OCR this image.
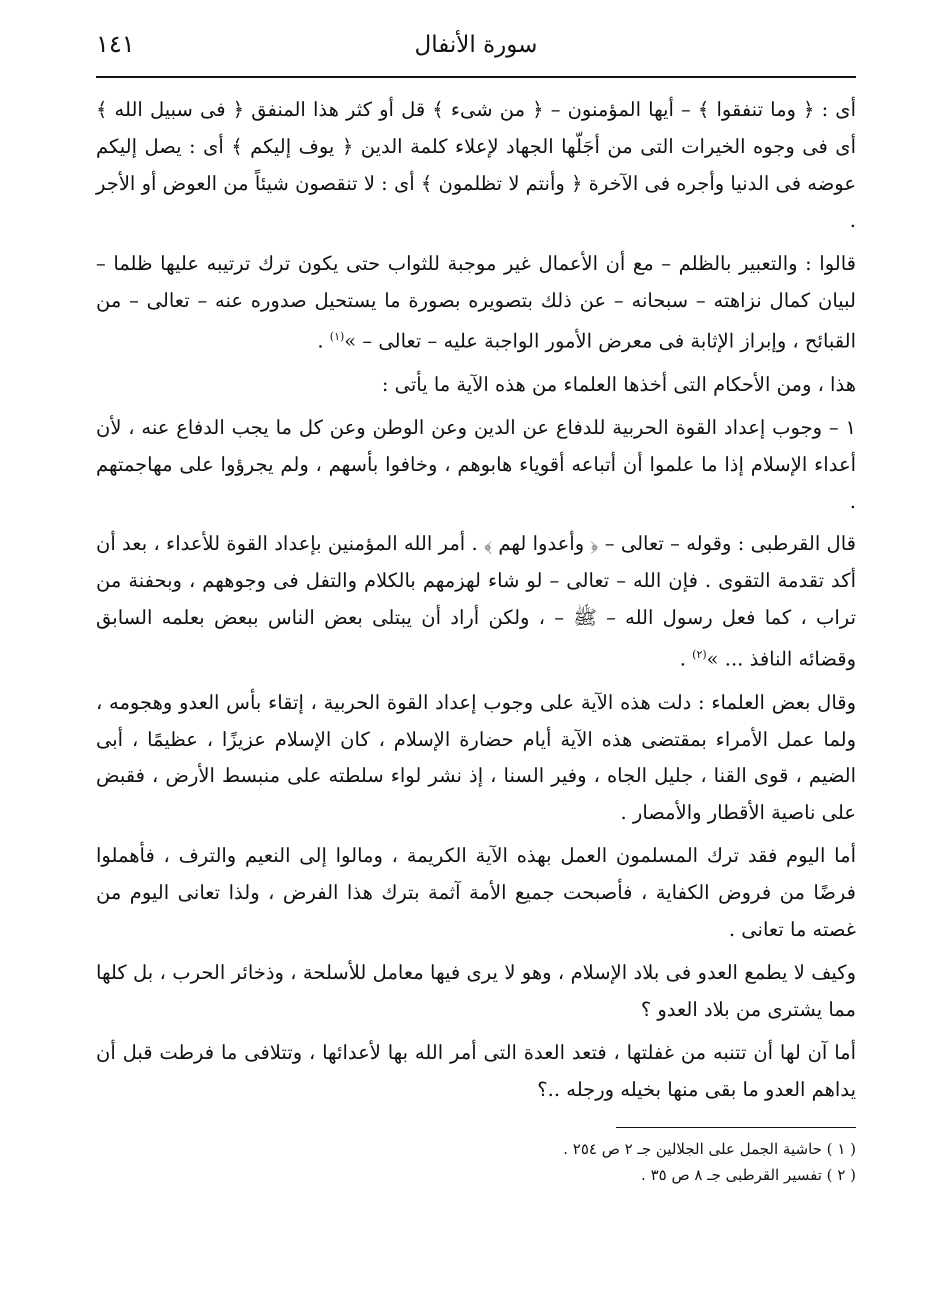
سورة الأنفال
١٤١

أى : ﴿ وما تنفقوا ﴾ – أيها المؤمنون – ﴿ من شىء ﴾ قل أو كثر هذا المنفق ﴿ فى سبيل الله ﴾ أى فى وجوه الخيرات التى من أجَلّها الجهاد لإعلاء كلمة الدين ﴿ يوف إليكم ﴾ أى : يصل إليكم عوضه فى الدنيا وأجره فى الآخرة ﴿ وأنتم لا تظلمون ﴾ أى : لا تنقصون شيئاً من العوض أو الأجر .

قالوا : والتعبير بالظلم – مع أن الأعمال غير موجبة للثواب حتى يكون ترك ترتيبه عليها ظلما – لبيان كمال نزاهته – سبحانه – عن ذلك بتصويره بصورة ما يستحيل صدوره عنه – تعالى – من القبائح ، وإبراز الإثابة فى معرض الأمور الواجبة عليه – تعالى – »$^{(١)}$ .

هذا ، ومن الأحكام التى أخذها العلماء من هذه الآية ما يأتى :

١ – وجوب إعداد القوة الحربية للدفاع عن الدين وعن الوطن وعن كل ما يجب الدفاع عنه ، لأن أعداء الإسلام إذا ما علموا أن أتباعه أقوياء هابوهم ، وخافوا بأسهم ، ولم يجرؤوا على مهاجمتهم .

قال القرطبى : وقوله – تعالى – ﴿ وأعدوا لهم ﴾ . أمر الله المؤمنين بإعداد القوة للأعداء ، بعد أن أكد تقدمة التقوى . فإن الله – تعالى – لو شاء لهزمهم بالكلام والتفل فى وجوههم ، وبحفنة من تراب ، كما فعل رسول الله – ﷺ – ، ولكن أراد أن يبتلى بعض الناس ببعض بعلمه السابق وقضائه النافذ ... »$^{(٢)}$ .

وقال بعض العلماء : دلت هذه الآية على وجوب إعداد القوة الحربية ، إتقاء بأس العدو وهجومه ، ولما عمل الأمراء بمقتضى هذه الآية أيام حضارة الإسلام ، كان الإسلام عزيزًا ، عظيمًا ، أبى الضيم ، قوى القنا ، جليل الجاه ، وفير السنا ، إذ نشر لواء سلطته على منبسط الأرض ، فقبض على ناصية الأقطار والأمصار .

أما اليوم فقد ترك المسلمون العمل بهذه الآية الكريمة ، ومالوا إلى النعيم والترف ، فأهملوا فرضًا من فروض الكفاية ، فأصبحت جميع الأمة آثمة بترك هذا الفرض ، ولذا تعانى اليوم من غصته ما تعانى .

وكيف لا يطمع العدو فى بلاد الإسلام ، وهو لا يرى فيها معامل للأسلحة ، وذخائر الحرب ، بل كلها مما يشترى من بلاد العدو ؟

أما آن لها أن تتنبه من غفلتها ، فتعد العدة التى أمر الله بها لأعدائها ، وتتلافى ما فرطت قبل أن يداهم العدو ما بقى منها بخيله ورجله ..؟

( ١ ) حاشية الجمل على الجلالين جـ ٢ ص ٢٥٤ .

( ٢ ) تفسير القرطبى جـ ٨ ص ٣٥ .
